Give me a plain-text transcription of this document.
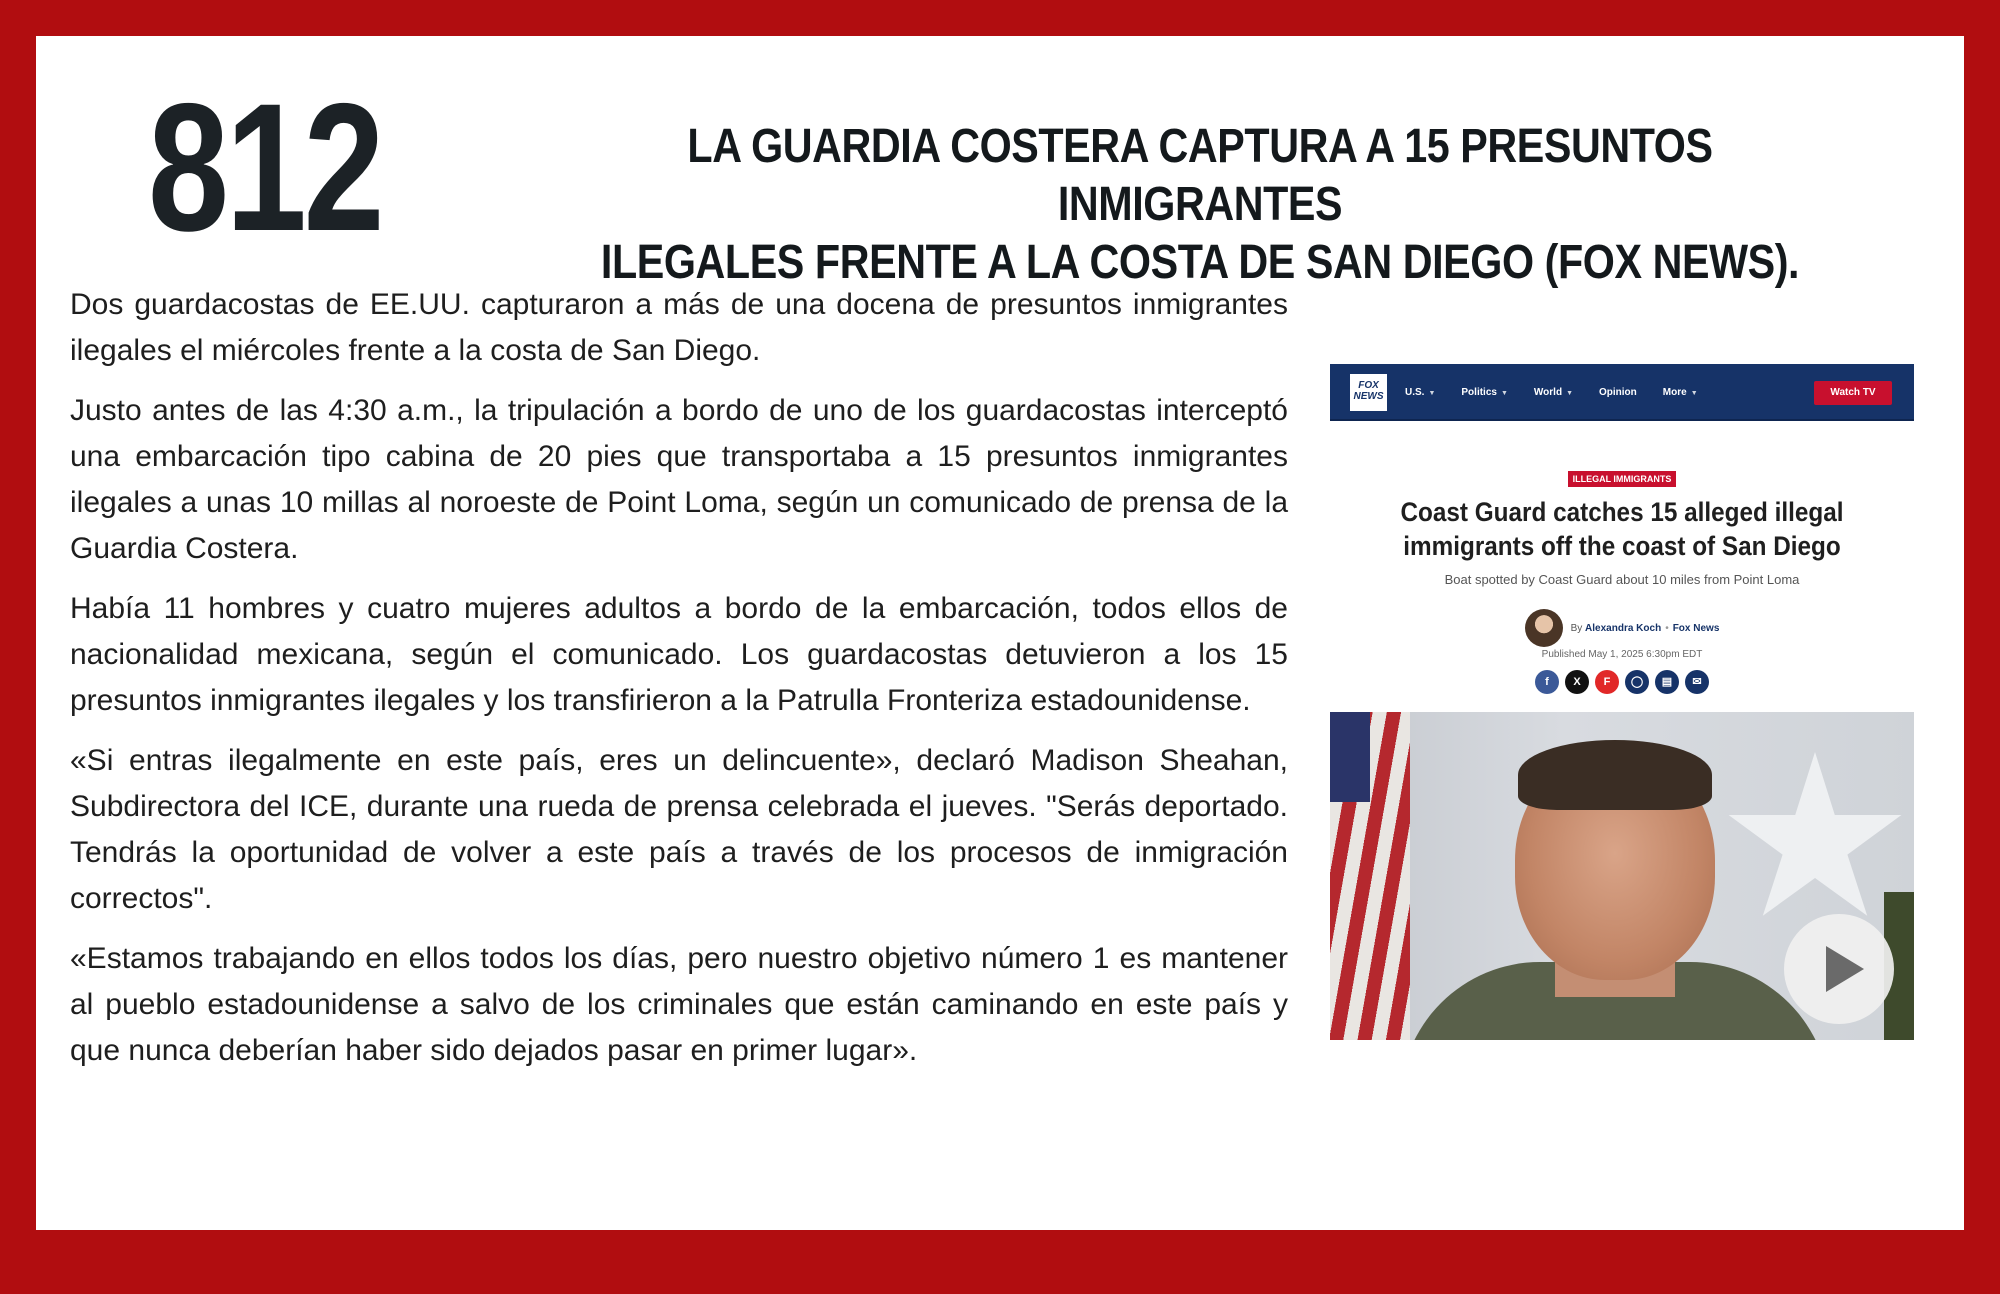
812	LA GUARDIA COSTERA CAPTURA A 15 PRESUNTOS INMIGRANTES
ILEGALES FRENTE A LA COSTA DE SAN DIEGO (FOX NEWS).

Dos guardacostas de EE.UU. capturaron a más de una docena de presuntos inmigrantes ilegales el miércoles frente a la costa de San Diego.

Justo antes de las 4:30 a.m., la tripulación a bordo de uno de los guardacostas interceptó una embarcación tipo cabina de 20 pies que transportaba a 15 presuntos inmigrantes ilegales a unas 10 millas al noroeste de Point Loma, según un comunicado de prensa de la Guardia Costera.

Había 11 hombres y cuatro mujeres adultos a bordo de la embarcación, todos ellos de nacionalidad mexicana, según el comunicado. Los guardacostas detuvieron a los 15 presuntos inmigrantes ilegales y los transfirieron a la Patrulla Fronteriza estadounidense.

«Si entras ilegalmente en este país, eres un delincuente», declaró Madison Sheahan, Subdirectora del ICE, durante una rueda de prensa celebrada el jueves. "Serás deportado. Tendrás la oportunidad de volver a este país a través de los procesos de inmigración correctos".

«Estamos trabajando en ellos todos los días, pero nuestro objetivo número 1 es mantener al pueblo estadounidense a salvo de los criminales que están caminando en este país y que nunca deberían haber sido dejados pasar en primer lugar».

FOX
NEWS	U.S. ▼	Politics ▼	World ▼	Opinion	More ▼	Watch TV
ILLEGAL IMMIGRANTS
Coast Guard catches 15 alleged illegal
immigrants off the coast of San Diego
Boat spotted by Coast Guard about 10 miles from Point Loma
By Alexandra Koch • Fox News
Published May 1, 2025 6:30pm EDT
f	X	F	◯	▤	✉
